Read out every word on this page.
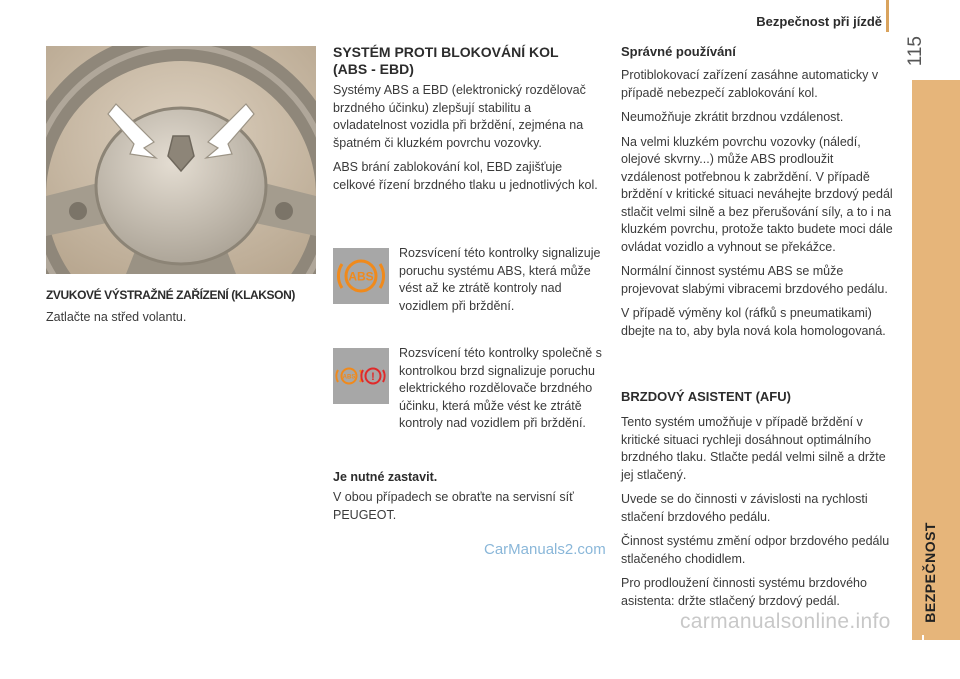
Bezpečnost při jízdě
115
BEZPEČNOST
5
ZVUKOVÉ VÝSTRAŽNÉ ZAŘÍZENÍ (KLAKSON)
Zatlačte na střed volantu.
SYSTÉM PROTI BLOKOVÁNÍ KOL
(ABS - EBD)

Systémy ABS a EBD (elektronický rozdělovač brzdného účinku) zlepšují stabilitu a ovladatelnost vozidla při brždění, zejména na špatném či kluzkém povrchu vozovky.

ABS brání zablokování kol, EBD zajišťuje celkové řízení brzdného tlaku u jednotlivých kol.

ABS
Rozsvícení této kontrolky signalizuje poruchu systému ABS, která může vést až ke ztrátě kontroly nad vozidlem při brždění.
ABS !
Rozsvícení této kontrolky společně s kontrolkou brzd signalizuje poruchu elektrického rozdělovače brzdného účinku, která může vést ke ztrátě kontroly nad vozidlem při brždění.
Je nutné zastavit.
V obou případech se obraťte na servisní síť PEUGEOT.
Správné používání

Protiblokovací zařízení zasáhne automaticky v případě nebezpečí zablokování kol.

Neumožňuje zkrátit brzdnou vzdálenost.

Na velmi kluzkém povrchu vozovky (náledí, olejové skvrny...) může ABS prodloužit vzdálenost potřebnou k zabrždění. V případě brždění v kritické situaci neváhejte brzdový pedál stlačit velmi silně a bez přerušování síly, a to i na kluzkém povrchu, protože takto budete moci dále ovládat vozidlo a vyhnout se překážce.

Normální činnost systému ABS se může projevovat slabými vibracemi brzdového pedálu.

V případě výměny kol (ráfků s pneumatikami) dbejte na to, aby byla nová kola homologovaná.

BRZDOVÝ ASISTENT (AFU)

Tento systém umožňuje v případě brždění v kritické situaci rychleji dosáhnout optimálního brzdného tlaku. Stlačte pedál velmi silně a držte jej stlačený.

Uvede se do činnosti v závislosti na rychlosti stlačení brzdového pedálu.

Činnost systému změní odpor brzdového pedálu stlačeného chodidlem.

Pro prodloužení činnosti systému brzdového asistenta: držte stlačený brzdový pedál.

CarManuals2.com
carmanualsonline.info
